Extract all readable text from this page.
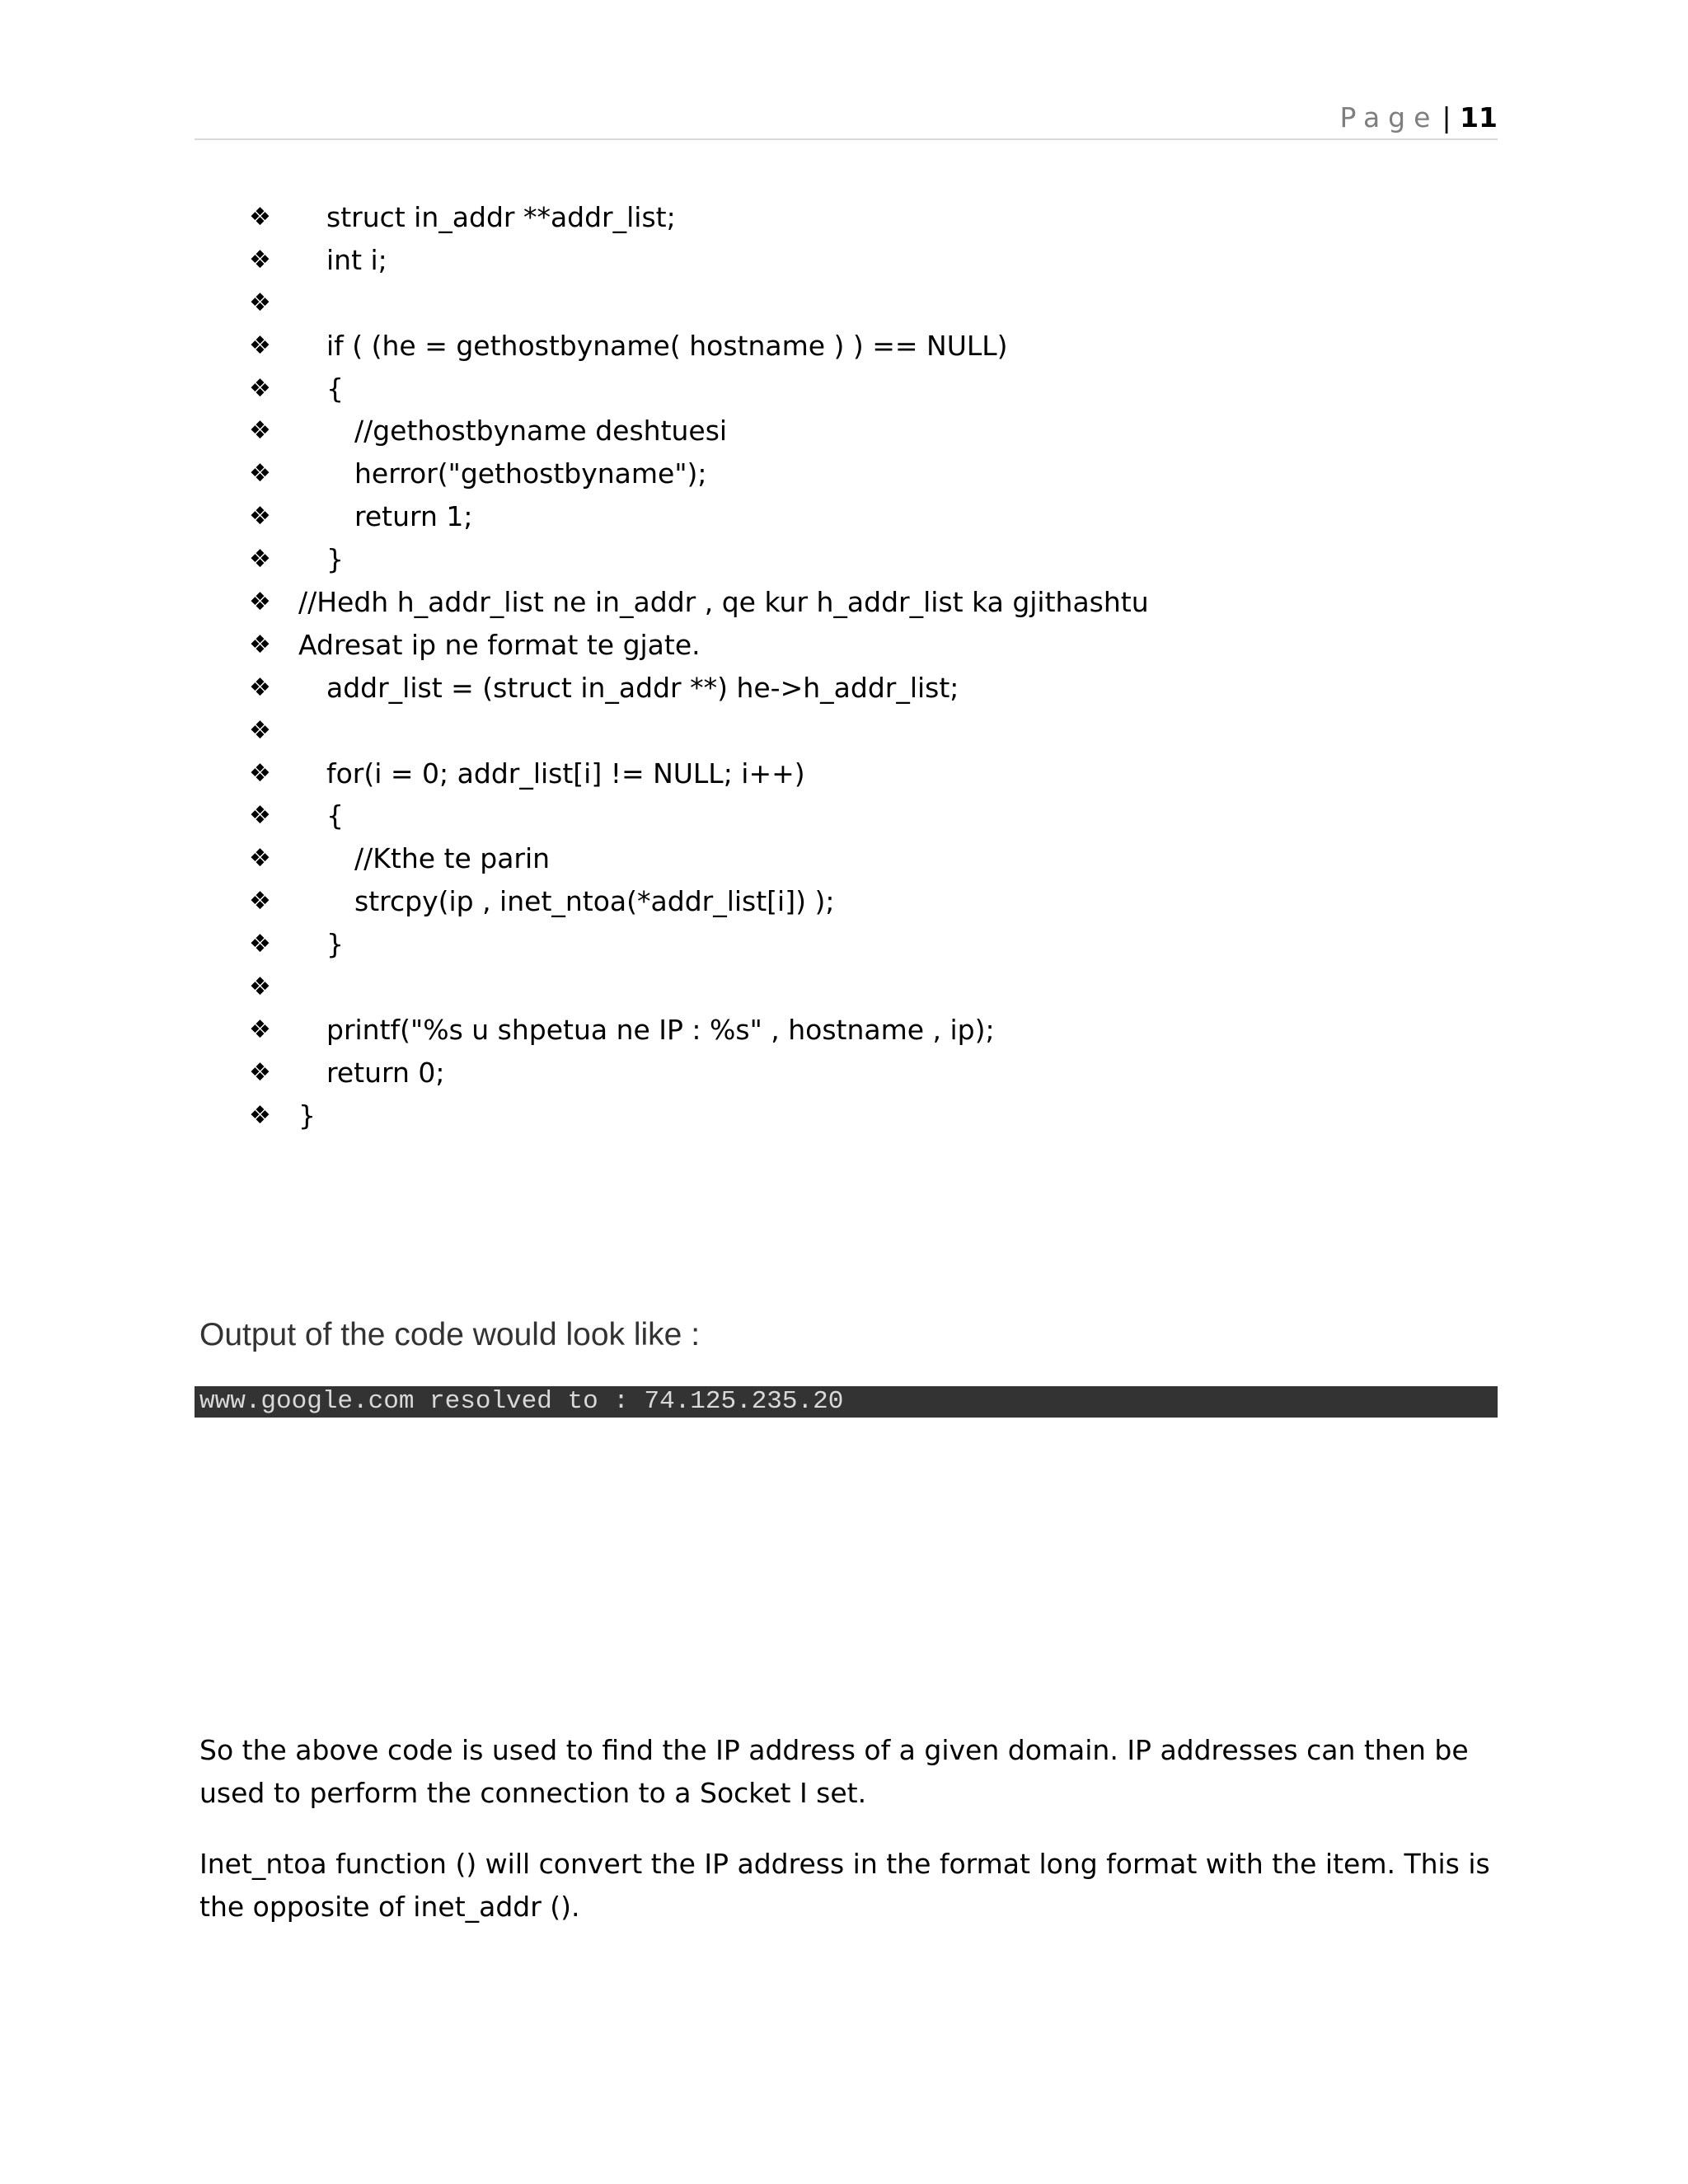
Page | 11
❖ struct in_addr **addr_list;
❖ int i;
❖
❖ if ( (he = gethostbyname( hostname ) ) == NULL)
❖ {
❖	//gethostbyname deshtuesi
❖	herror("gethostbyname");
❖	return 1;
❖ }
❖ //Hedh h_addr_list ne in_addr , qe kur h_addr_list ka gjithashtu
❖ Adresat ip ne format te gjate.
❖ addr_list = (struct in_addr **) he->h_addr_list;
❖
❖ for(i = 0; addr_list[i] != NULL; i++)
❖ {
❖	//Kthe te parin
❖	strcpy(ip , inet_ntoa(*addr_list[i]) );
❖ }
❖
❖ printf("%s u shpetua ne IP : %s" , hostname , ip);
❖ return 0;
❖ }
Output of the code would look like :
www.google.com resolved to : 74.125.235.20

So the above code is used to find the IP address of a given domain. IP addresses can then be used to perform the connection to a Socket I set.

Inet_ntoa function () will convert the IP address in the format long format with the item. This is the opposite of inet_addr ().
